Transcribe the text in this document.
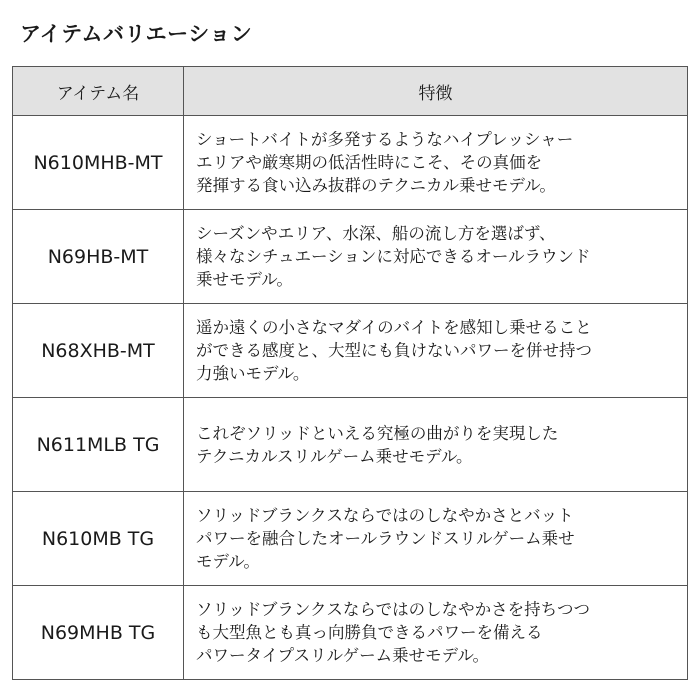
アイテムバリエーション
アイテム名	特徴
N610MHB-MT	ショートバイトが多発するようなハイプレッシャー
エリアや厳寒期の低活性時にこそ、その真価を
発揮する食い込み抜群のテクニカル乗せモデル。
N69HB-MT	シーズンやエリア、水深、船の流し方を選ばず、
様々なシチュエーションに対応できるオールラウンド
乗せモデル。
N68XHB-MT	遥か遠くの小さなマダイのバイトを感知し乗せること
ができる感度と、大型にも負けないパワーを併せ持つ
力強いモデル。
N611MLB TG	これぞソリッドといえる究極の曲がりを実現した
テクニカルスリルゲーム乗せモデル。
N610MB TG	ソリッドブランクスならではのしなやかさとバット
パワーを融合したオールラウンドスリルゲーム乗せ
モデル。
N69MHB TG	ソリッドブランクスならではのしなやかさを持ちつつ
も大型魚とも真っ向勝負できるパワーを備える
パワータイプスリルゲーム乗せモデル。
